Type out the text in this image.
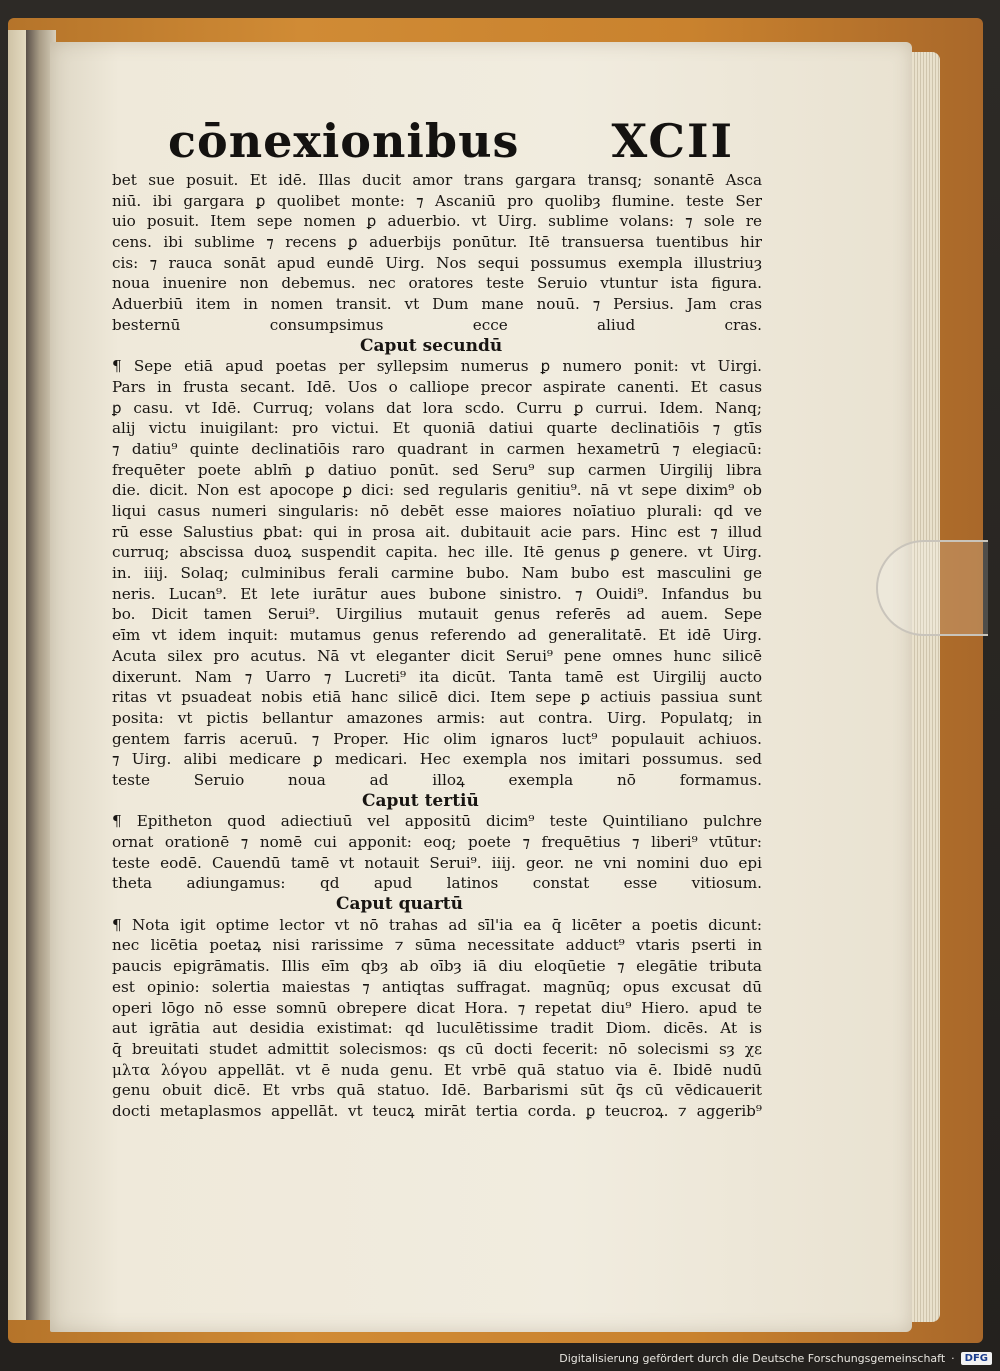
cōnexionibus XCII
bet sue posuit. Et idē. Illas ducit amor trans gargara transq; sonantē Asca
niū. ibi gargara ꝑ quolibet monte: ⁊ Ascaniū pro quolibȝ flumine. teste Ser
uio posuit. Item sepe nomen ꝑ aduerbio. vt Uirg. sublime volans: ⁊ sole re
cens. ibi sublime ⁊ recens ꝑ aduerbijs ponūtur. Itē transuersa tuentibus hir
cis: ⁊ rauca sonāt apud eundē Uirg. Nos sequi possumus exempla illustriuȝ
noua inuenire non debemus. nec oratores teste Seruio vtuntur ista figura.
Aduerbiū item in nomen transit. vt Dum mane nouū. ⁊ Persius. Jam cras
besternū consumpsimus ecce aliud cras.
Caput secundū
¶ Sepe etiā apud poetas per syllepsim numerus ꝑ numero ponit: vt Uirgi.
Pars in frusta secant. Idē. Uos o calliope precor aspirate canenti. Et casus
ꝑ casu. vt Idē. Curruq; volans dat lora scdo. Curru ꝑ currui. Idem. Nanq;
alij victu inuigilant: pro victui. Et quoniā datiui quarte declinatiōis ⁊ gtīs
⁊ datiu⁹ quinte declinatiōis raro quadrant in carmen hexametrū ⁊ elegiacū:
frequēter poete ablm̄ ꝑ datiuo ponūt. sed Seru⁹ sup carmen Uirgilij libra
die. dicit. Non est apocope ꝑ dici: sed regularis genitiu⁹. nā vt sepe dixim⁹ ob
liqui casus numeri singularis: nō debēt esse maiores noīatiuo plurali: qd ve
rū esse Salustius ꝑbat: qui in prosa ait. dubitauit acie pars. Hinc est ⁊ illud
curruq; abscissa duoꝝ suspendit capita. hec ille. Itē genus ꝑ genere. vt Uirg.
in. iiij. Solaq; culminibus ferali carmine bubo. Nam bubo est masculini ge
neris. Lucan⁹. Et lete iurātur aues bubone sinistro. ⁊ Ouidi⁹. Infandus bu
bo. Dicit tamen Serui⁹. Uirgilius mutauit genus referēs ad auem. Sepe
eīm vt idem inquit: mutamus genus referendo ad generalitatē. Et idē Uirg.
Acuta silex pro acutus. Nā vt eleganter dicit Serui⁹ pene omnes hunc silicē
dixerunt. Nam ⁊ Uarro ⁊ Lucreti⁹ ita dicūt. Tanta tamē est Uirgilij aucto
ritas vt psuadeat nobis etiā hanc silicē dici. Item sepe ꝑ actiuis passiua sunt
posita: vt pictis bellantur amazones armis: aut contra. Uirg. Populatq; in
gentem farris aceruū. ⁊ Proper. Hic olim ignaros luct⁹ populauit achiuos.
⁊ Uirg. alibi medicare ꝑ medicari. Hec exempla nos imitari possumus. sed
teste Seruio noua ad illoꝝ exempla nō formamus.
Caput tertiū
¶ Epitheton quod adiectiuū vel appositū dicim⁹ teste Quintiliano pulchre
ornat orationē ⁊ nomē cui apponit: eoq; poete ⁊ frequētius ⁊ liberi⁹ vtūtur:
teste eodē. Cauendū tamē vt notauit Serui⁹. iiij. geor. ne vni nomini duo epi
theta adiungamus: qd apud latinos constat esse vitiosum.
Caput quartū
¶ Nota igit optime lector vt nō trahas ad sīl'ia ea q̄ licēter a poetis dicunt:
nec licētia poetaꝝ nisi rarissime ⁊ sūma necessitate adduct⁹ vtaris pserti in
paucis epigrāmatis. Illis eīm qbȝ ab oībȝ iā diu eloqūetie ⁊ elegātie tributa
est opinio: solertia maiestas ⁊ antiqtas suffragat. magnūq; opus excusat dū
operi lōgo nō esse somnū obrepere dicat Hora. ⁊ repetat diu⁹ Hiero. apud te
aut igrātia aut desidia existimat: qd luculētissime tradit Diom. dicēs. At is
q̄ breuitati studet admittit solecismos: qs cū docti fecerit: nō solecismi sȝ χε
μλτα λόγου appellāt. vt ē nuda genu. Et vrbē quā statuo via ē. Ibidē nudū
genu obuit dicē. Et vrbs quā statuo. Idē. Barbarismi sūt q̄s cū vēdicauerit
docti metaplasmos appellāt. vt teucꝝ mirāt tertia corda. ꝑ teucroꝝ. ⁊ aggerib⁹
Digitalisierung gefördert durch die Deutsche Forschungsgemeinschaft ·	DFG
